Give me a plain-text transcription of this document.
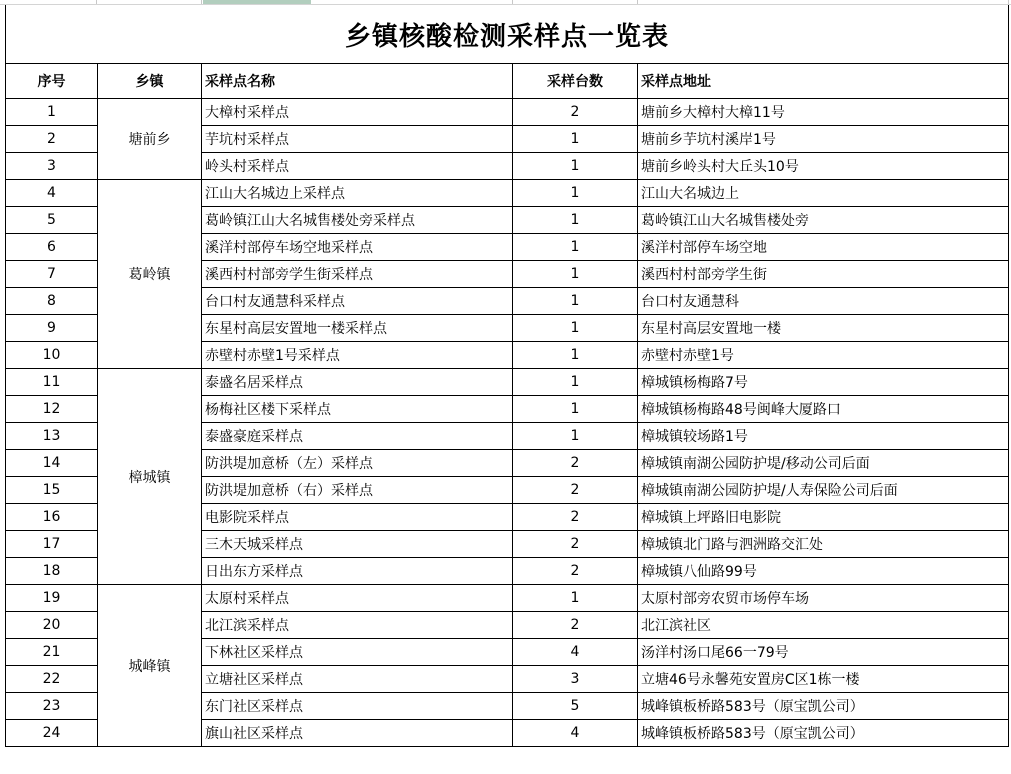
乡镇核酸检测采样点一览表
序号	乡镇	采样点名称	采样台数	采样点地址
1	塘前乡	大樟村采样点	2	塘前乡大樟村大樟11号
2		芋坑村采样点	1	塘前乡芋坑村溪岸1号
3		岭头村采样点	1	塘前乡岭头村大丘头10号
4	葛岭镇	江山大名城边上采样点	1	江山大名城边上
5		葛岭镇江山大名城售楼处旁采样点	1	葛岭镇江山大名城售楼处旁
6		溪洋村部停车场空地采样点	1	溪洋村部停车场空地
7		溪西村村部旁学生街采样点	1	溪西村村部旁学生街
8		台口村友通慧科采样点	1	台口村友通慧科
9		东星村高层安置地一楼采样点	1	东星村高层安置地一楼
10		赤壁村赤壁1号采样点	1	赤壁村赤壁1号
11	樟城镇	泰盛名居采样点	1	樟城镇杨梅路7号
12		杨梅社区楼下采样点	1	樟城镇杨梅路48号闽峰大厦路口
13		泰盛豪庭采样点	1	樟城镇较场路1号
14		防洪堤加意桥（左）采样点	2	樟城镇南湖公园防护堤/移动公司后面
15		防洪堤加意桥（右）采样点	2	樟城镇南湖公园防护堤/人寿保险公司后面
16		电影院采样点	2	樟城镇上坪路旧电影院
17		三木天城采样点	2	樟城镇北门路与泗洲路交汇处
18		日出东方采样点	2	樟城镇八仙路99号
19	城峰镇	太原村采样点	1	太原村部旁农贸市场停车场
20		北江滨采样点	2	北江滨社区
21		下林社区采样点	4	汤洋村汤口尾66一79号
22		立塘社区采样点	3	立塘46号永馨苑安置房C区1栋一楼
23		东门社区采样点	5	城峰镇板桥路583号（原宝凯公司）
24		旗山社区采样点	4	城峰镇板桥路583号（原宝凯公司）
